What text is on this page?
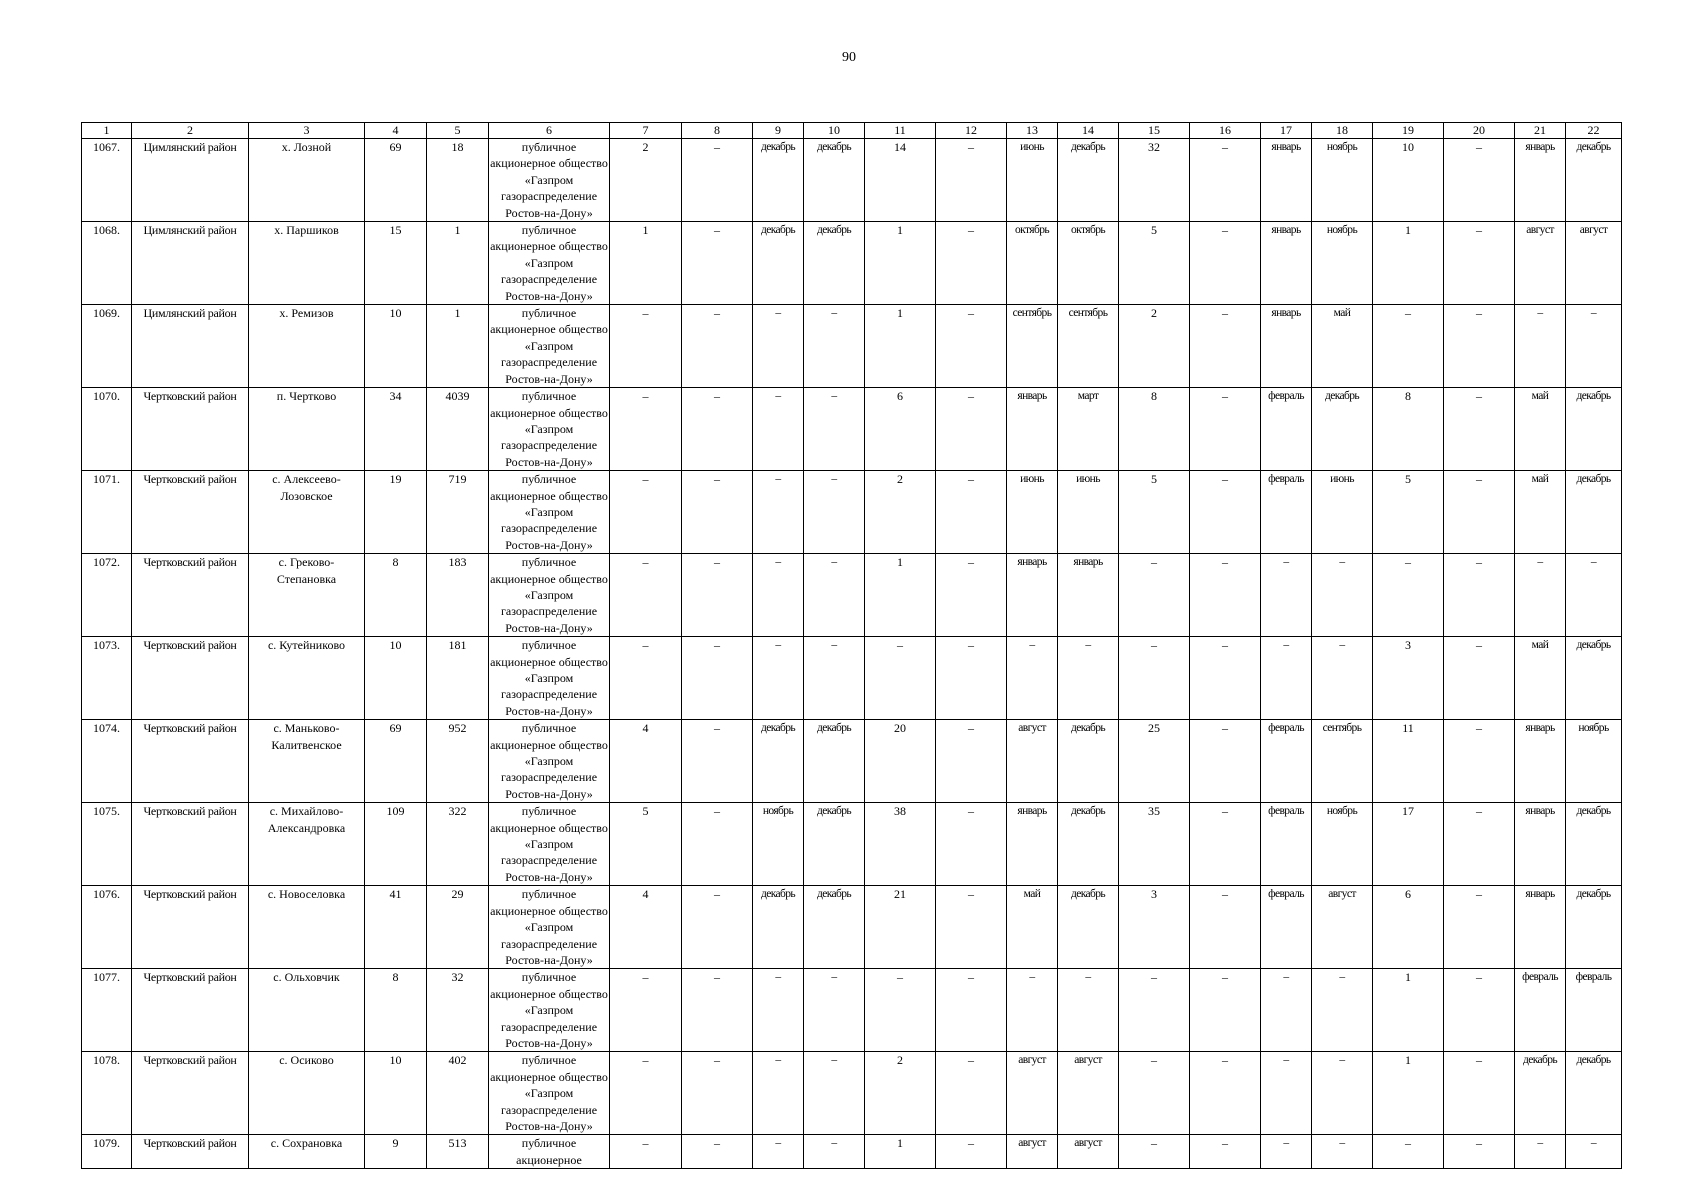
90
1	2	3	4	5	6	7	8	9	10	11	12	13	14	15	16	17	18	19	20	21	22
1067.	Цимлянский район	х. Лозной	69	18	публичное акционерное общество «Газпром газораспределение Ростов-на-Дону»	2	–	декабрь	декабрь	14	–	июнь	декабрь	32	–	январь	ноябрь	10	–	январь	декабрь
1068.	Цимлянский район	х. Паршиков	15	1	публичное акционерное общество «Газпром газораспределение Ростов-на-Дону»	1	–	декабрь	декабрь	1	–	октябрь	октябрь	5	–	январь	ноябрь	1	–	август	август
1069.	Цимлянский район	х. Ремизов	10	1	публичное акционерное общество «Газпром газораспределение Ростов-на-Дону»	–	–	–	–	1	–	сентябрь	сентябрь	2	–	январь	май	–	–	–	–
1070.	Чертковский район	п. Чертково	34	4039	публичное акционерное общество «Газпром газораспределение Ростов-на-Дону»	–	–	–	–	6	–	январь	март	8	–	февраль	декабрь	8	–	май	декабрь
1071.	Чертковский район	с. Алексеево-Лозовское	19	719	публичное акционерное общество «Газпром газораспределение Ростов-на-Дону»	–	–	–	–	2	–	июнь	июнь	5	–	февраль	июнь	5	–	май	декабрь
1072.	Чертковский район	с. Греково-Степановка	8	183	публичное акционерное общество «Газпром газораспределение Ростов-на-Дону»	–	–	–	–	1	–	январь	январь	–	–	–	–	–	–	–	–
1073.	Чертковский район	с. Кутейниково	10	181	публичное акционерное общество «Газпром газораспределение Ростов-на-Дону»	–	–	–	–	–	–	–	–	–	–	–	–	3	–	май	декабрь
1074.	Чертковский район	с. Маньково-Калитвенское	69	952	публичное акционерное общество «Газпром газораспределение Ростов-на-Дону»	4	–	декабрь	декабрь	20	–	август	декабрь	25	–	февраль	сентябрь	11	–	январь	ноябрь
1075.	Чертковский район	с. Михайлово-Александровка	109	322	публичное акционерное общество «Газпром газораспределение Ростов-на-Дону»	5	–	ноябрь	декабрь	38	–	январь	декабрь	35	–	февраль	ноябрь	17	–	январь	декабрь
1076.	Чертковский район	с. Новоселовка	41	29	публичное акционерное общество «Газпром газораспределение Ростов-на-Дону»	4	–	декабрь	декабрь	21	–	май	декабрь	3	–	февраль	август	6	–	январь	декабрь
1077.	Чертковский район	с. Ольховчик	8	32	публичное акционерное общество «Газпром газораспределение Ростов-на-Дону»	–	–	–	–	–	–	–	–	–	–	–	–	1	–	февраль	февраль
1078.	Чертковский район	с. Осиково	10	402	публичное акционерное общество «Газпром газораспределение Ростов-на-Дону»	–	–	–	–	2	–	август	август	–	–	–	–	1	–	декабрь	декабрь
1079.	Чертковский район	с. Сохрановка	9	513	публичное акционерное	–	–	–	–	1	–	август	август	–	–	–	–	–	–	–	–
